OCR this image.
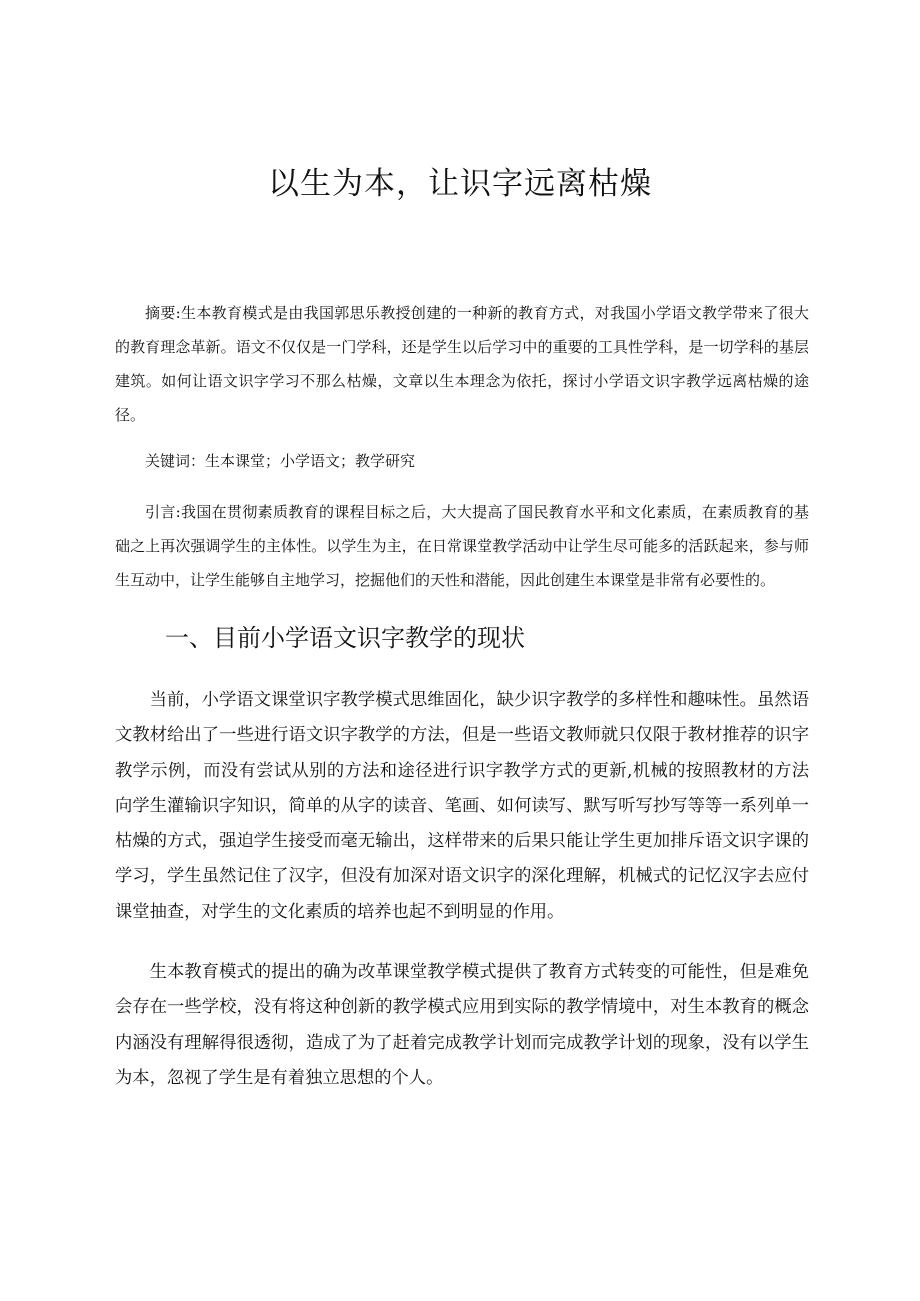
以生为本，让识字远离枯燥

摘要:生本教育模式是由我国郭思乐教授创建的一种新的教育方式，对我国小学语文教学带来了很大的教育理念革新。语文不仅仅是一门学科，还是学生以后学习中的重要的工具性学科，是一切学科的基层建筑。如何让语文识字学习不那么枯燥，文章以生本理念为依托，探讨小学语文识字教学远离枯燥的途径。

关键词：生本课堂；小学语文；教学研究

引言:我国在贯彻素质教育的课程目标之后，大大提高了国民教育水平和文化素质，在素质教育的基础之上再次强调学生的主体性。以学生为主，在日常课堂教学活动中让学生尽可能多的活跃起来，参与师生互动中，让学生能够自主地学习，挖掘他们的天性和潜能，因此创建生本课堂是非常有必要性的。

一、目前小学语文识字教学的现状

当前，小学语文课堂识字教学模式思维固化，缺少识字教学的多样性和趣味性。虽然语文教材给出了一些进行语文识字教学的方法，但是一些语文教师就只仅限于教材推荐的识字教学示例，而没有尝试从别的方法和途径进行识字教学方式的更新,机械的按照教材的方法向学生灌输识字知识，简单的从字的读音、笔画、如何读写、默写听写抄写等等一系列单一枯燥的方式，强迫学生接受而毫无输出，这样带来的后果只能让学生更加排斥语文识字课的学习，学生虽然记住了汉字，但没有加深对语文识字的深化理解，机械式的记忆汉字去应付课堂抽查，对学生的文化素质的培养也起不到明显的作用。

生本教育模式的提出的确为改革课堂教学模式提供了教育方式转变的可能性，但是难免会存在一些学校，没有将这种创新的教学模式应用到实际的教学情境中，对生本教育的概念内涵没有理解得很透彻，造成了为了赶着完成教学计划而完成教学计划的现象，没有以学生为本，忽视了学生是有着独立思想的个人。
